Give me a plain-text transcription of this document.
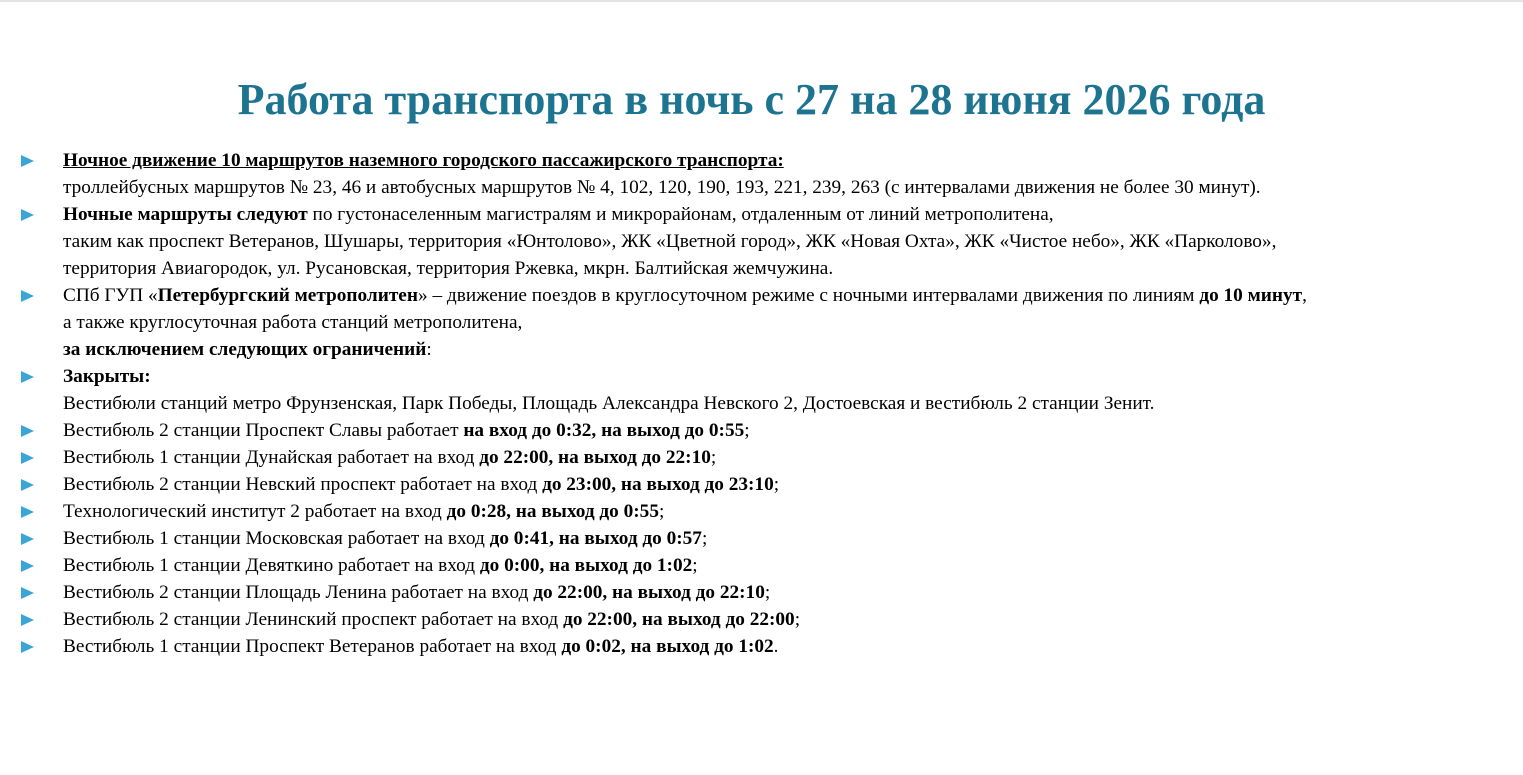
Работа транспорта в ночь с 27 на 28 июня 2026 года
Ночное движение 10 маршрутов наземного городского пассажирского транспорта:
троллейбусных маршрутов № 23, 46 и автобусных маршрутов № 4, 102, 120, 190, 193, 221, 239, 263 (с интервалами движения не более 30 минут).
Ночные маршруты следуют по густонаселенным магистралям и микрорайонам, отдаленным от линий метрополитена,
таким как проспект Ветеранов, Шушары, территория «Юнтолово», ЖК «Цветной город», ЖК «Новая Охта», ЖК «Чистое небо», ЖК «Парколово»,
территория Авиагородок, ул. Русановская, территория Ржевка, мкрн. Балтийская жемчужина.
СПб ГУП «Петербургский метрополитен» – движение поездов в круглосуточном режиме с ночными интервалами движения по линиям до 10 минут,
а также круглосуточная работа станций метрополитена,
за исключением следующих ограничений:
Закрыты:
Вестибюли станций метро Фрунзенская, Парк Победы, Площадь Александра Невского 2, Достоевская и вестибюль 2 станции Зенит.
Вестибюль 2 станции Проспект Славы работает на вход до 0:32, на выход до 0:55;
Вестибюль 1 станции Дунайская работает на вход до 22:00, на выход до 22:10;
Вестибюль 2 станции Невский проспект работает на вход до 23:00, на выход до 23:10;
Технологический институт 2 работает на вход до 0:28, на выход до 0:55;
Вестибюль 1 станции Московская работает на вход до 0:41, на выход до 0:57;
Вестибюль 1 станции Девяткино работает на вход до 0:00, на выход до 1:02;
Вестибюль 2 станции Площадь Ленина работает на вход до 22:00, на выход до 22:10;
Вестибюль 2 станции Ленинский проспект работает на вход до 22:00, на выход до 22:00;
Вестибюль 1 станции Проспект Ветеранов работает на вход до 0:02, на выход до 1:02.
